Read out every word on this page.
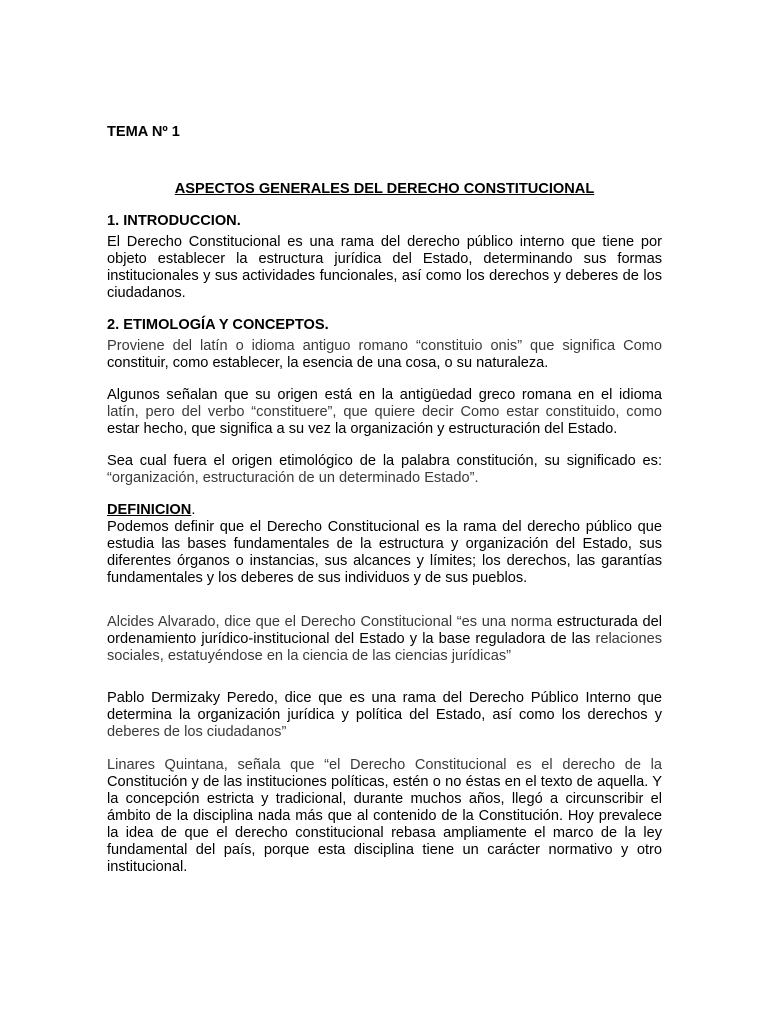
TEMA Nº 1

ASPECTOS GENERALES DEL DERECHO CONSTITUCIONAL

1. INTRODUCCION.

El Derecho Constitucional es una rama del derecho público interno que tiene por objeto establecer la estructura jurídica del Estado, determinando sus formas institucionales y sus actividades funcionales, así como los derechos y deberes de los ciudadanos.

2. ETIMOLOGÍA Y CONCEPTOS.

Proviene del latín o idioma antiguo romano “constituio onis” que significa Como constituir, como establecer, la esencia de una cosa, o su naturaleza.

Algunos señalan que su origen está en la antigüedad greco romana en el idioma latín, pero del verbo “constituere”, que quiere decir Como estar constituido, como estar hecho, que significa a su vez la organización y estructuración del Estado.

Sea cual fuera el origen etimológico de la palabra constitución, su significado es: “organización, estructuración de un determinado Estado”.

DEFINICION.

Podemos definir que el Derecho Constitucional es la rama del derecho público que estudia las bases fundamentales de la estructura y organización del Estado, sus diferentes órganos o instancias, sus alcances y límites; los derechos, las garantías fundamentales y los deberes de sus individuos y de sus pueblos.

Alcides Alvarado, dice que el Derecho Constitucional “es una norma estructurada del ordenamiento jurídico-institucional del Estado y la base reguladora de las relaciones sociales, estatuyéndose en la ciencia de las ciencias jurídicas”

Pablo Dermizaky Peredo, dice que es una rama del Derecho Público Interno que determina la organización jurídica y política del Estado, así como los derechos y deberes de los ciudadanos”

Linares Quintana, señala que “el Derecho Constitucional es el derecho de la Constitución y de las instituciones políticas, estén o no éstas en el texto de aquella. Y la concepción estricta y tradicional, durante muchos años, llegó a circunscribir el ámbito de la disciplina nada más que al contenido de la Constitución. Hoy prevalece la idea de que el derecho constitucional rebasa ampliamente el marco de la ley fundamental del país, porque esta disciplina tiene un carácter normativo y otro institucional.
